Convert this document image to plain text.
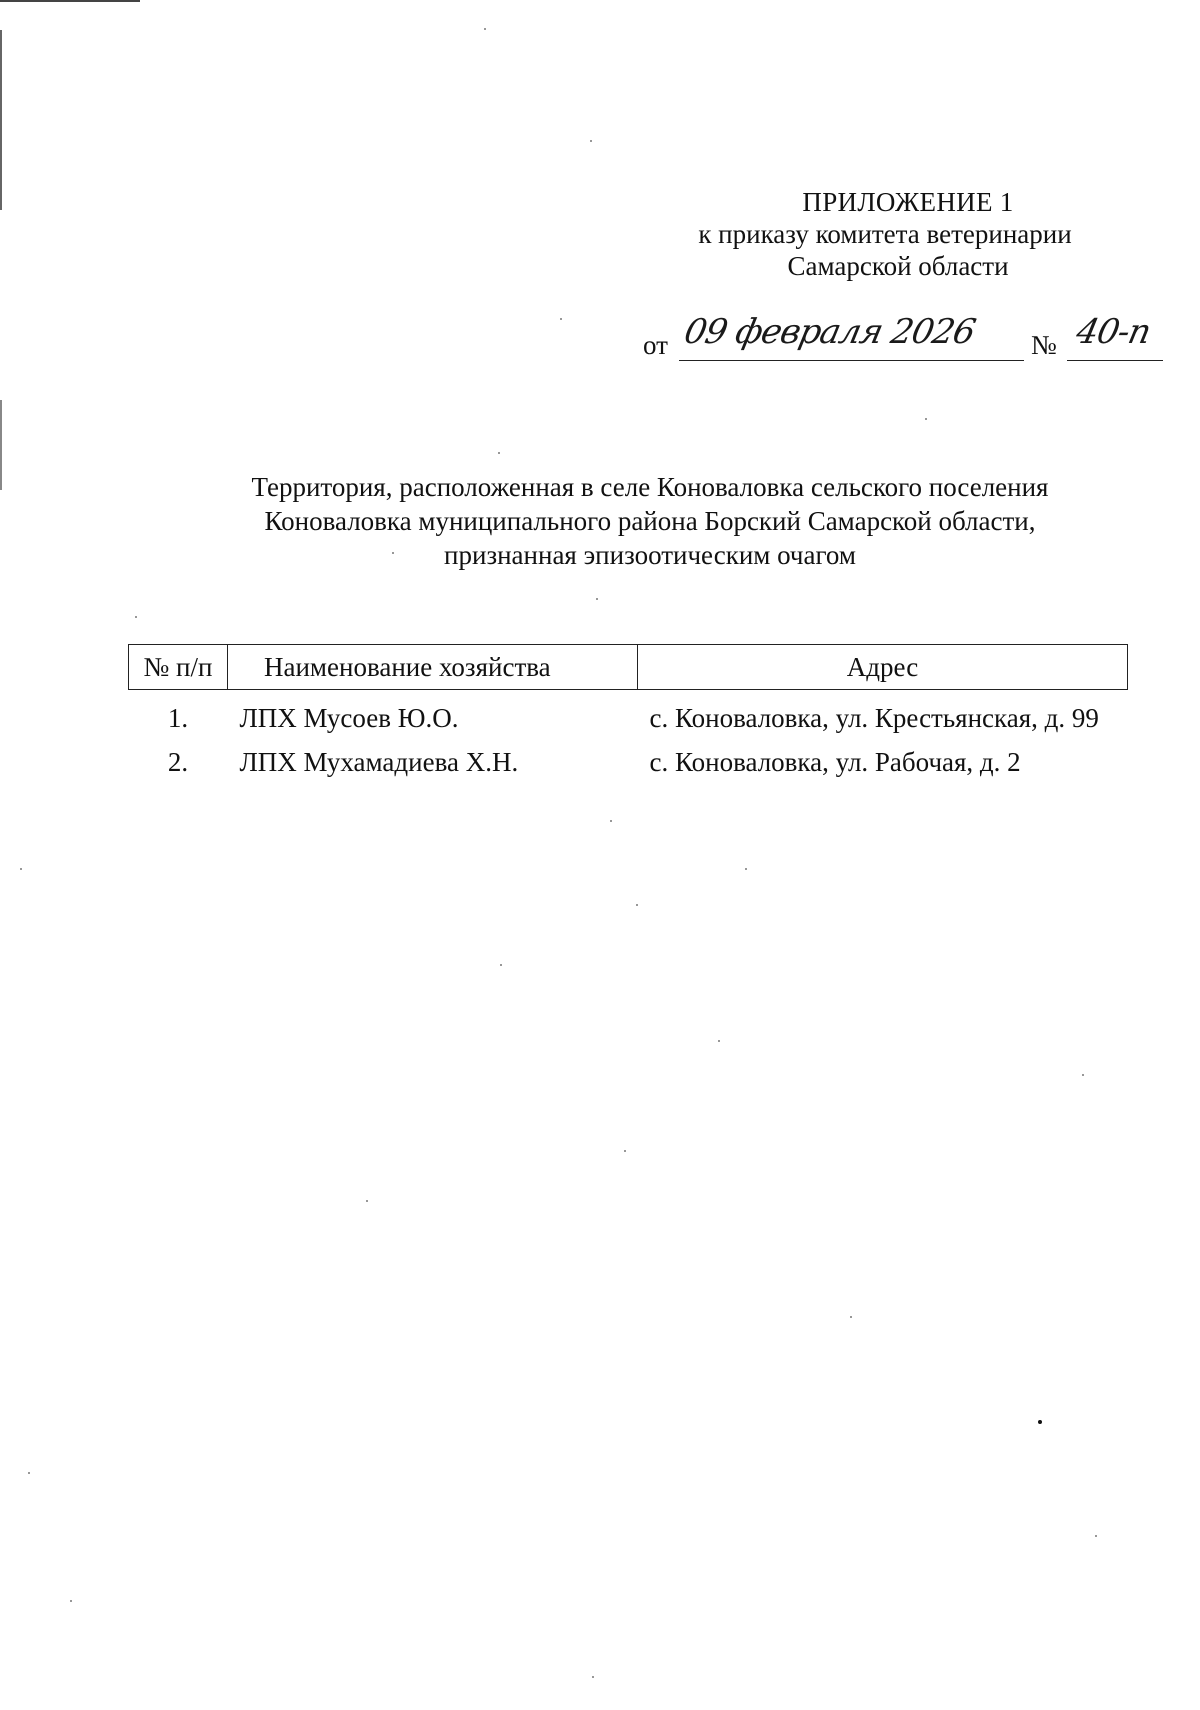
ПРИЛОЖЕНИЕ 1
к приказу комитета ветеринарии
Самарской области
от 09 февраля 2026 № 40-п
Территория, расположенная в селе Коноваловка сельского поселения
Коноваловка муниципального района Борский Самарской области,
признанная эпизоотическим очагом
№ п/п	Наименование хозяйства	Адрес
1.	ЛПХ Мусоев Ю.О.	с. Коноваловка, ул. Крестьянская, д. 99
2.	ЛПХ Мухамадиева Х.Н.	с. Коноваловка, ул. Рабочая, д. 2
